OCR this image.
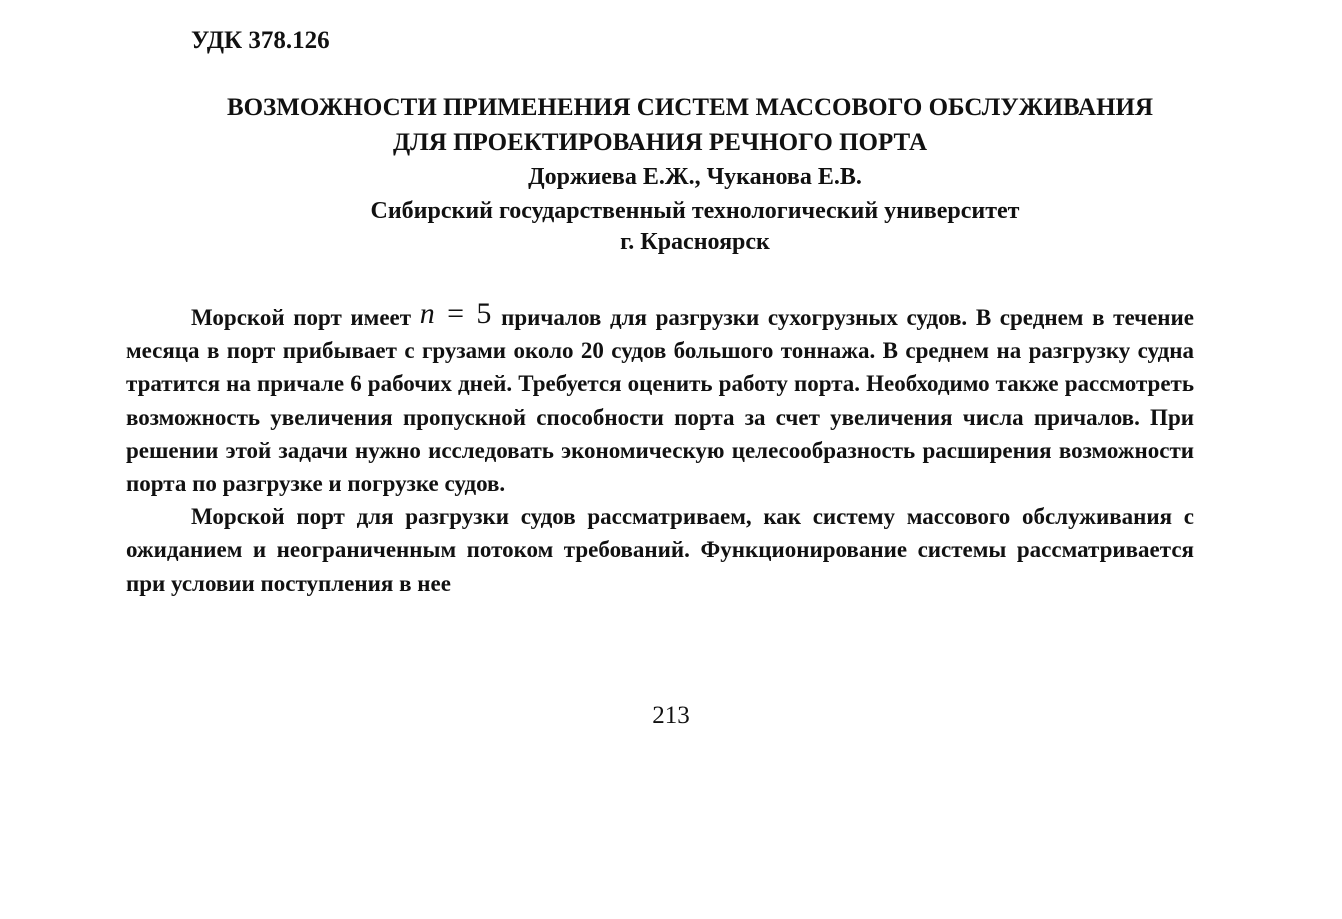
УДК 378.126
ВОЗМОЖНОСТИ ПРИМЕНЕНИЯ СИСТЕМ МАССОВОГО ОБСЛУЖИВАНИЯ
ДЛЯ ПРОЕКТИРОВАНИЯ РЕЧНОГО ПОРТА
Доржиева Е.Ж., Чуканова Е.В.
Сибирский государственный технологический университет
г. Красноярск

Морской порт имеет n = 5 причалов для разгрузки сухогрузных судов. В среднем в течение месяца в порт прибывает с грузами около 20 судов большого тоннажа. В среднем на разгрузку судна тратится на причале 6 рабочих дней. Требуется оценить работу порта. Необходимо также рассмотреть возможность увеличения пропускной способности порта за счет увеличения числа причалов. При решении этой задачи нужно исследовать экономическую целесообразность расширения возможности порта по разгрузке и погрузке судов.

Морской порт для разгрузки судов рассматриваем, как систему массового обслуживания с ожиданием и неограниченным потоком требований. Функционирование системы рассматривается при условии поступления в нее

213
